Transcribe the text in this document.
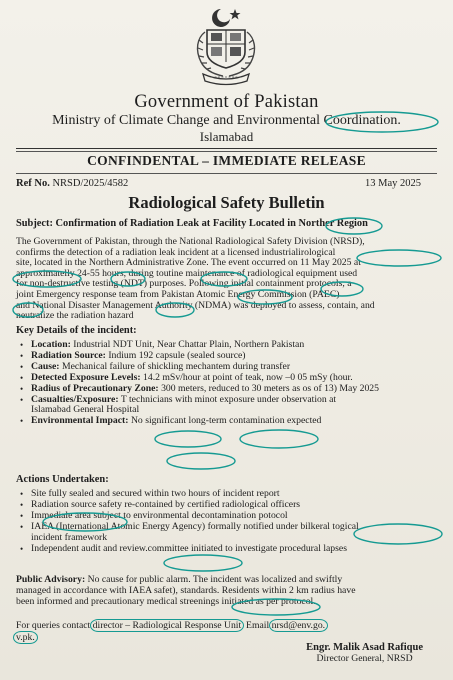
Government of Pakistan
Ministry of Climate Change and Environmental Coordination.
Islamabad
CONFINDENTAL – IMMEDIATE RELEASE
Ref No. NRSD/2025/4582	13 May 2025
Radiological Safety Bulletin
Subject: Confirmation of Radiation Leak at Facility Located in Norther Region
The Government of Pakistan, through the National Radiological Safety Division (NRSD),
confirms the detection of a radiation leak incident at a licensed industrialirological
site, located in the Northern Administrative Zone. The event occurred on 11 May 2025 at
approximatelly 24-55 hours, during toutine maintenance of radiological equipment used
for non-destructive testing (NDT) purposes. Pollowing initial containment protocols, a
joint Emergency response team from Pakistan Atomic Energy Commission (PAEC)
and National Disaster Management Authority (NDMA) was deployed to assess, contain, and
neutralize the radiation hazard
Key Details of the incident:
• Location: Industrial NDT Unit, Near Chattar Plain, Northern Pakistan
• Radiation Source: Indium 192 capsule (sealed source)
• Cause: Mechanical failure of shickling mechantem during transfer
• Detected Exposure Levels: 14.2 mSv/hour at point of teak, now –0 05 mSy (hour.
• Radius of Precautionary Zone: 300 meters, reduced to 30 meters as os of 13) May 2025
• Casualties/Exposure: T technicians with minot exposure under observation at
Islamabad General Hospital
• Environmental Impact: No significant long-term contamination expected
Actions Undertaken:
• Site fully sealed and secured within two hours of incident report
• Radiation source safety re-contained by certified radiological officers
• Immediale area subject to environmental decontamination potocol
• IAEA (International Atomic Energy Agency) formally notified under bilkeral togical
incident framework
• Independent audit and review.committee initiated to investigate procedural lapses
Public Advisory: No cause for public alarm. The incident was localized and swiftly
managed in accordance with IAEA safet), standards. Residents within 2 km radius have
been informed and precautionary medical streenings initiated as per protocol.
For queries contact director – Radiological Response Unit Email nrsd@env.go.
v.pk.
Engr. Malik Asad Rafique
Director General, NRSD
